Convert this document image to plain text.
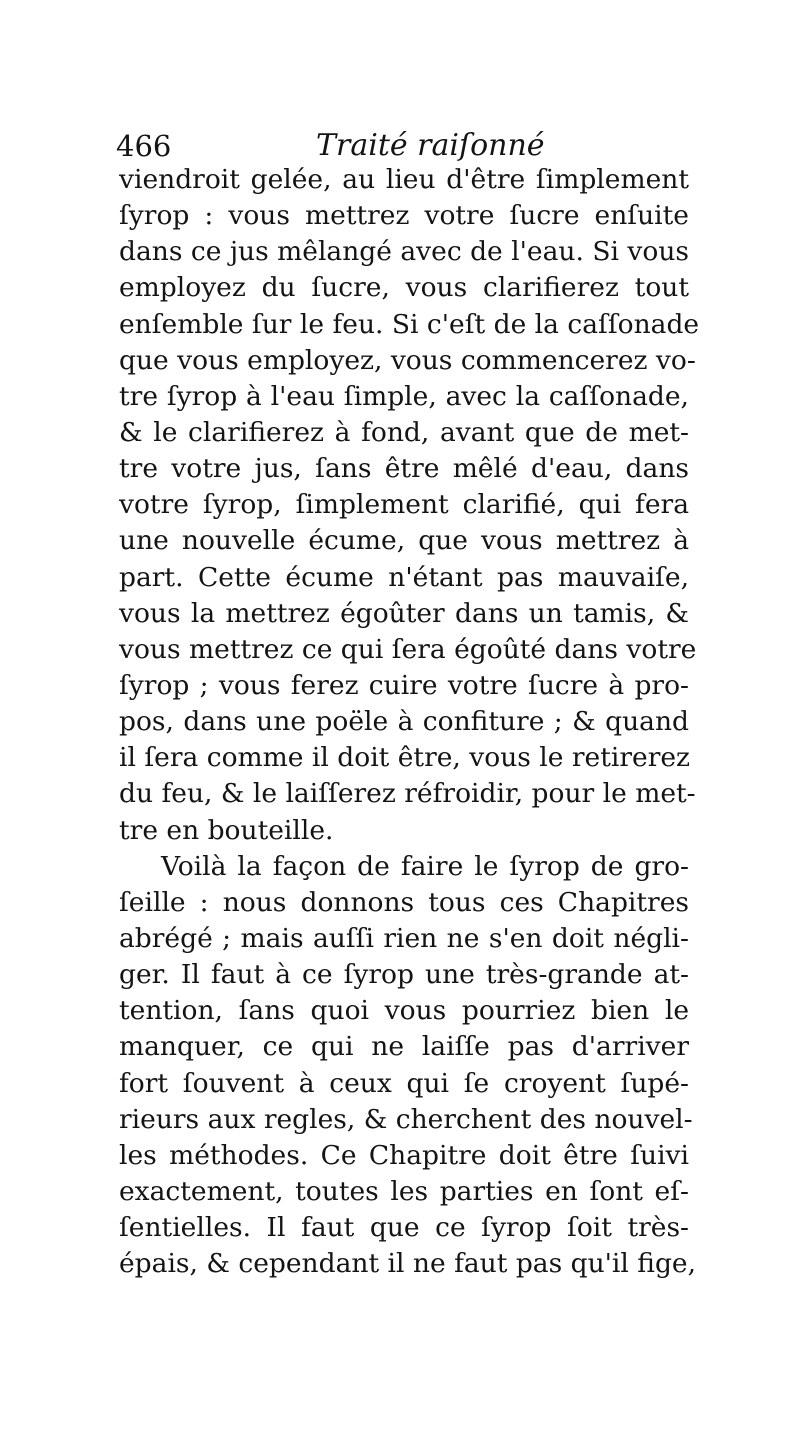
466	Traité raiſonné
viendroit gelée, au lieu d'être ſimplement
ſyrop : vous mettrez votre ſucre enſuite
dans ce jus mêlangé avec de l'eau. Si vous
employez du ſucre, vous clarifierez tout
enſemble ſur le feu. Si c'eſt de la caſſonade
que vous employez, vous commencerez vo-
tre ſyrop à l'eau ſimple, avec la caſſonade,
& le clarifierez à fond, avant que de met-
tre votre jus, ſans être mêlé d'eau, dans
votre ſyrop, ſimplement clarifié, qui fera
une nouvelle écume, que vous mettrez à
part. Cette écume n'étant pas mauvaiſe,
vous la mettrez égoûter dans un tamis, &
vous mettrez ce qui ſera égoûté dans votre
ſyrop ; vous ferez cuire votre ſucre à pro-
pos, dans une poële à confiture ; & quand
il ſera comme il doit être, vous le retirerez
du feu, & le laiſſerez réfroidir, pour le met-
tre en bouteille.
Voilà la façon de faire le ſyrop de gro-
ſeille : nous donnons tous ces Chapitres
abrégé ; mais auſſi rien ne s'en doit négli-
ger. Il faut à ce ſyrop une très-grande at-
tention, ſans quoi vous pourriez bien le
manquer, ce qui ne laiſſe pas d'arriver
fort ſouvent à ceux qui ſe croyent ſupé-
rieurs aux regles, & cherchent des nouvel-
les méthodes. Ce Chapitre doit être ſuivi
exactement, toutes les parties en ſont eſ-
ſentielles. Il faut que ce ſyrop ſoit très-
épais, & cependant il ne faut pas qu'il fige,
